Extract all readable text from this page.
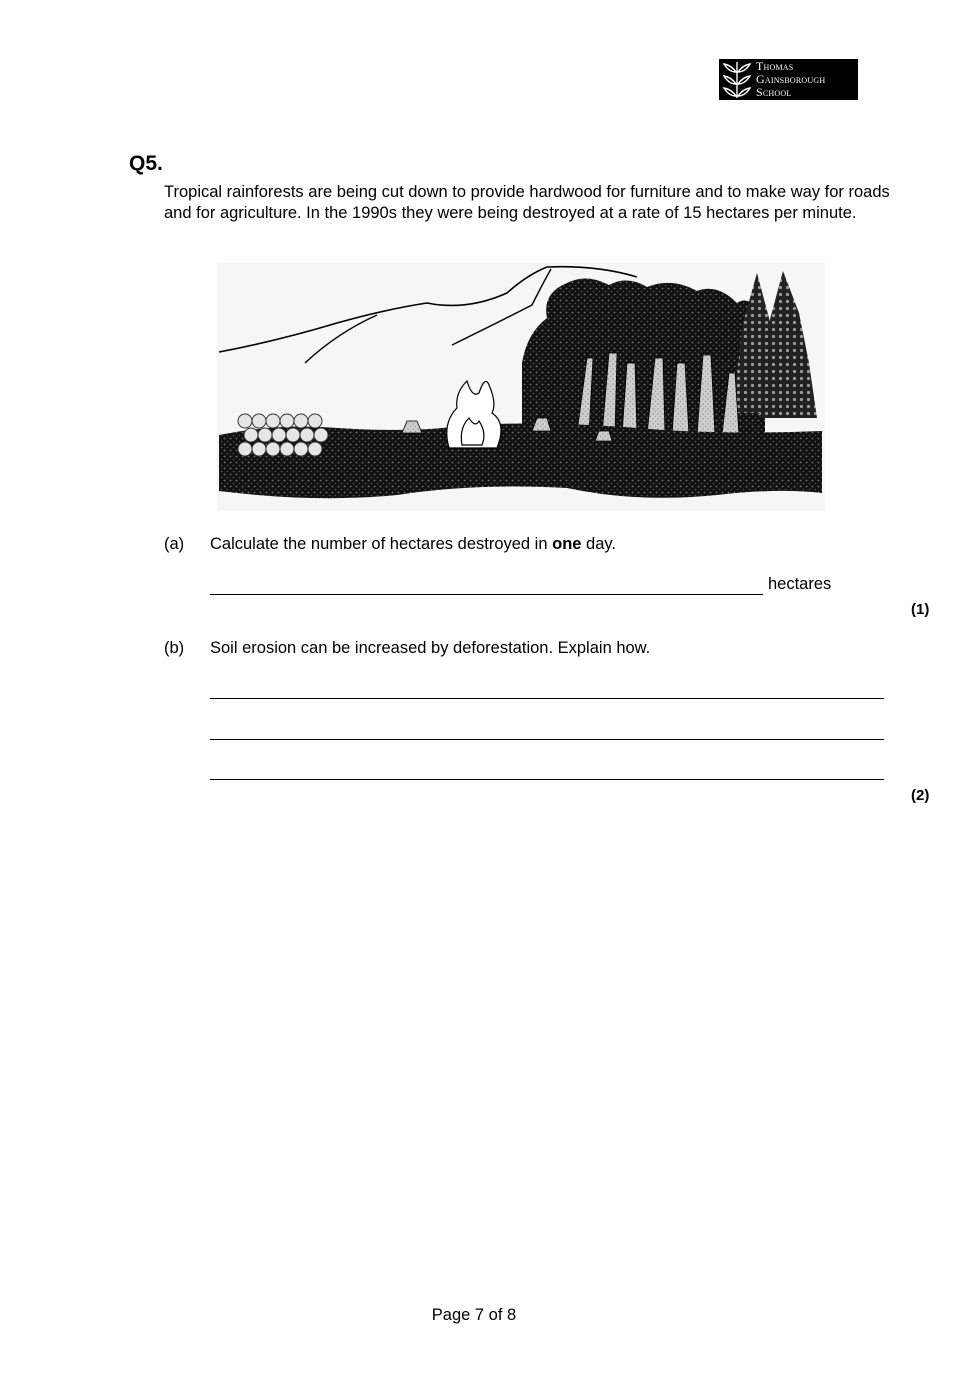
Thomas
Gainsborough
School
Q5.
Tropical rainforests are being cut down to provide hardwood for furniture and to make way for roads and for agriculture. In the 1990s they were being destroyed at a rate of 15 hectares per minute.
(a) Calculate the number of hectares destroyed in one day.
hectares
(1)
(b) Soil erosion can be increased by deforestation. Explain how.
(2)
Page 7 of 8
